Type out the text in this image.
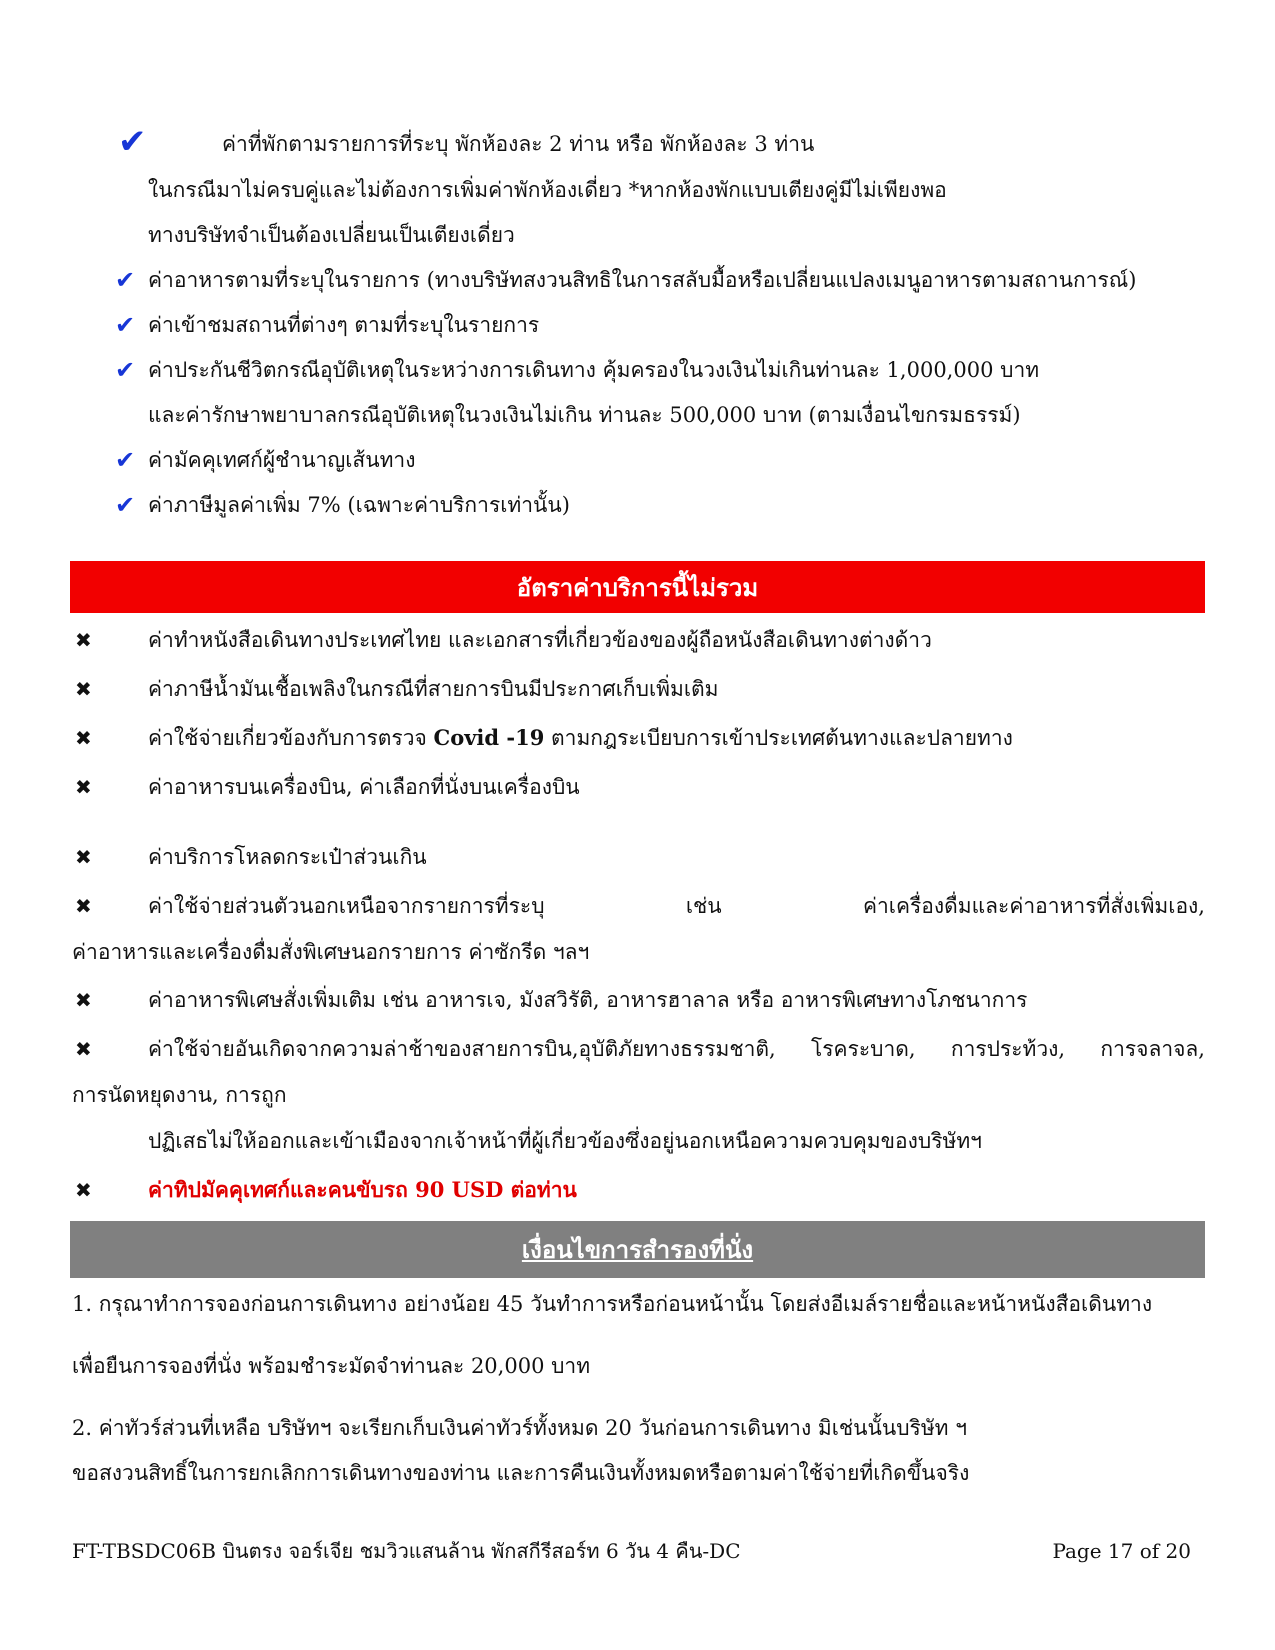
✔	ค่าที่พักตามรายการที่ระบุ พักห้องละ 2 ท่าน หรือ พักห้องละ 3 ท่าน
ในกรณีมาไม่ครบคู่และไม่ต้องการเพิ่มค่าพักห้องเดี่ยว *หากห้องพักแบบเตียงคู่มีไม่เพียงพอ
ทางบริษัทจำเป็นต้องเปลี่ยนเป็นเตียงเดี่ยว
✔ ค่าอาหารตามที่ระบุในรายการ (ทางบริษัทสงวนสิทธิในการสลับมื้อหรือเปลี่ยนแปลงเมนูอาหารตามสถานการณ์)
✔ ค่าเข้าชมสถานที่ต่างๆ ตามที่ระบุในรายการ
✔ ค่าประกันชีวิตกรณีอุบัติเหตุในระหว่างการเดินทาง คุ้มครองในวงเงินไม่เกินท่านละ 1,000,000 บาท
และค่ารักษาพยาบาลกรณีอุบัติเหตุในวงเงินไม่เกิน ท่านละ 500,000 บาท (ตามเงื่อนไขกรมธรรม์)
✔ ค่ามัคคุเทศก์ผู้ชำนาญเส้นทาง
✔ ค่าภาษีมูลค่าเพิ่ม 7% (เฉพาะค่าบริการเท่านั้น)
อัตราค่าบริการนี้ไม่รวม
✖	ค่าทำหนังสือเดินทางประเทศไทย และเอกสารที่เกี่ยวข้องของผู้ถือหนังสือเดินทางต่างด้าว
✖	ค่าภาษีน้ำมันเชื้อเพลิงในกรณีที่สายการบินมีประกาศเก็บเพิ่มเติม
✖	ค่าใช้จ่ายเกี่ยวข้องกับการตรวจ Covid -19 ตามกฎระเบียบการเข้าประเทศต้นทางและปลายทาง
✖	ค่าอาหารบนเครื่องบิน, ค่าเลือกที่นั่งบนเครื่องบิน
✖	ค่าบริการโหลดกระเป๋าส่วนเกิน
✖	ค่าใช้จ่ายส่วนตัวนอกเหนือจากรายการที่ระบุ	เช่น	ค่าเครื่องดื่มและค่าอาหารที่สั่งเพิ่มเอง,
ค่าอาหารและเครื่องดื่มสั่งพิเศษนอกรายการ ค่าซักรีด ฯลฯ
✖	ค่าอาหารพิเศษสั่งเพิ่มเติม เช่น อาหารเจ, มังสวิรัติ, อาหารฮาลาล หรือ อาหารพิเศษทางโภชนาการ
✖	ค่าใช้จ่ายอันเกิดจากความล่าช้าของสายการบิน,อุบัติภัยทางธรรมชาติ, โรคระบาด, การประท้วง, การจลาจล,
การนัดหยุดงาน, การถูก
ปฏิเสธไม่ให้ออกและเข้าเมืองจากเจ้าหน้าที่ผู้เกี่ยวข้องซึ่งอยู่นอกเหนือความควบคุมของบริษัทฯ
✖	ค่าทิปมัคคุเทศก์และคนขับรถ 90 USD ต่อท่าน
เงื่อนไขการสำรองที่นั่ง
1. กรุณาทำการจองก่อนการเดินทาง อย่างน้อย 45 วันทำการหรือก่อนหน้านั้น โดยส่งอีเมล์รายชื่อและหน้าหนังสือเดินทาง
เพื่อยืนการจองที่นั่ง พร้อมชำระมัดจำท่านละ 20,000 บาท
2. ค่าทัวร์ส่วนที่เหลือ บริษัทฯ จะเรียกเก็บเงินค่าทัวร์ทั้งหมด 20 วันก่อนการเดินทาง มิเช่นนั้นบริษัท ฯ
ขอสงวนสิทธิ์ในการยกเลิกการเดินทางของท่าน และการคืนเงินทั้งหมดหรือตามค่าใช้จ่ายที่เกิดขึ้นจริง
FT-TBSDC06B บินตรง จอร์เจีย ชมวิวแสนล้าน พักสกีรีสอร์ท 6 วัน 4 คืน-DC	Page 17 of 20
